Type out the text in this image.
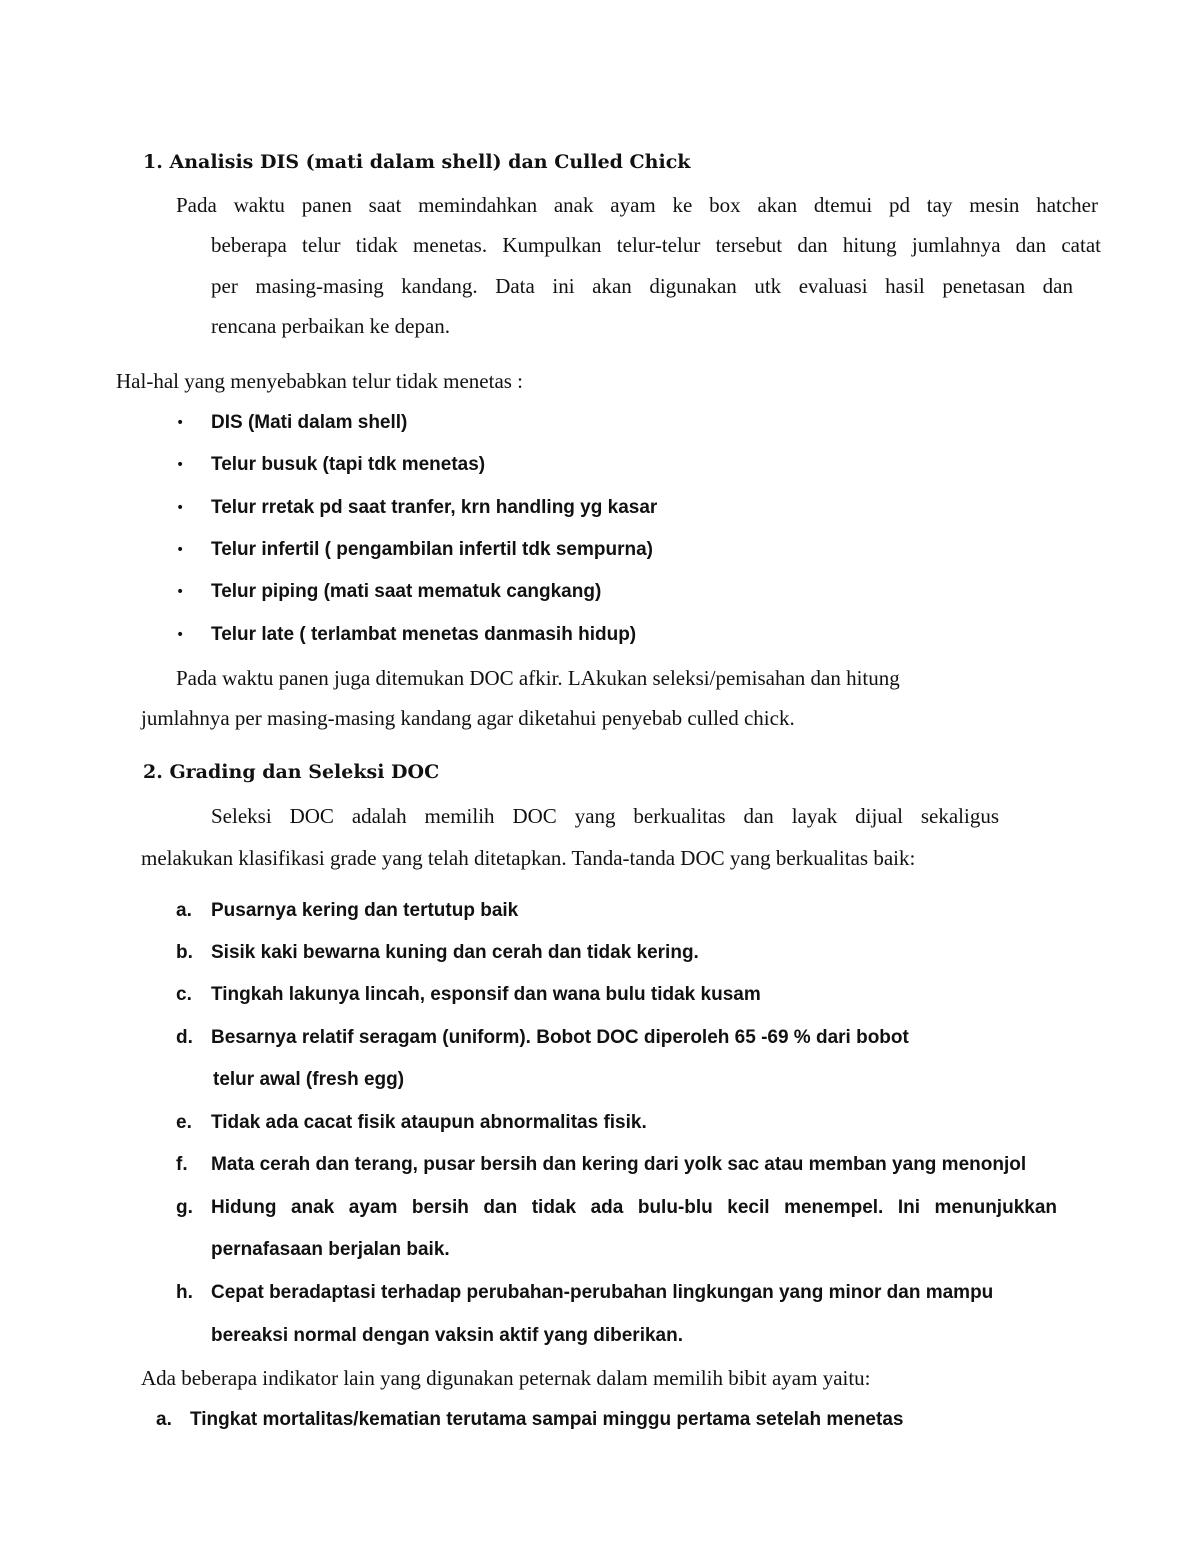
1. Analisis DIS (mati dalam shell) dan Culled Chick
Pada waktu panen saat memindahkan anak ayam ke box akan dtemui pd tay mesin hatcher
beberapa telur tidak menetas. Kumpulkan telur-telur tersebut dan hitung jumlahnya dan catat
per masing-masing kandang. Data ini akan digunakan utk evaluasi hasil penetasan dan
rencana perbaikan ke depan.
Hal-hal yang menyebabkan telur tidak menetas :
• DIS (Mati dalam shell)
• Telur busuk (tapi tdk menetas)
• Telur rretak pd saat tranfer, krn handling yg kasar
• Telur infertil ( pengambilan infertil tdk sempurna)
• Telur piping (mati saat mematuk cangkang)
• Telur late ( terlambat menetas danmasih hidup)
Pada waktu panen juga ditemukan DOC afkir. LAkukan seleksi/pemisahan dan hitung
jumlahnya per masing-masing kandang agar diketahui penyebab culled chick.
2. Grading dan Seleksi DOC
Seleksi DOC adalah memilih DOC yang berkualitas dan layak dijual sekaligus
melakukan klasifikasi grade yang telah ditetapkan. Tanda-tanda DOC yang berkualitas baik:
a. Pusarnya kering dan tertutup baik
b. Sisik kaki bewarna kuning dan cerah dan tidak kering.
c. Tingkah lakunya lincah, esponsif dan wana bulu tidak kusam
d. Besarnya relatif seragam (uniform). Bobot DOC diperoleh 65 -69 % dari bobot
telur awal (fresh egg)
e. Tidak ada cacat fisik ataupun abnormalitas fisik.
f. Mata cerah dan terang, pusar bersih dan kering dari yolk sac atau memban yang menonjol
g. Hidung anak ayam bersih dan tidak ada bulu-blu kecil menempel. Ini menunjukkan
pernafasaan berjalan baik.
h. Cepat beradaptasi terhadap perubahan-perubahan lingkungan yang minor dan mampu
bereaksi normal dengan vaksin aktif yang diberikan.
Ada beberapa indikator lain yang digunakan peternak dalam memilih bibit ayam yaitu:
a. Tingkat mortalitas/kematian terutama sampai minggu pertama setelah menetas
